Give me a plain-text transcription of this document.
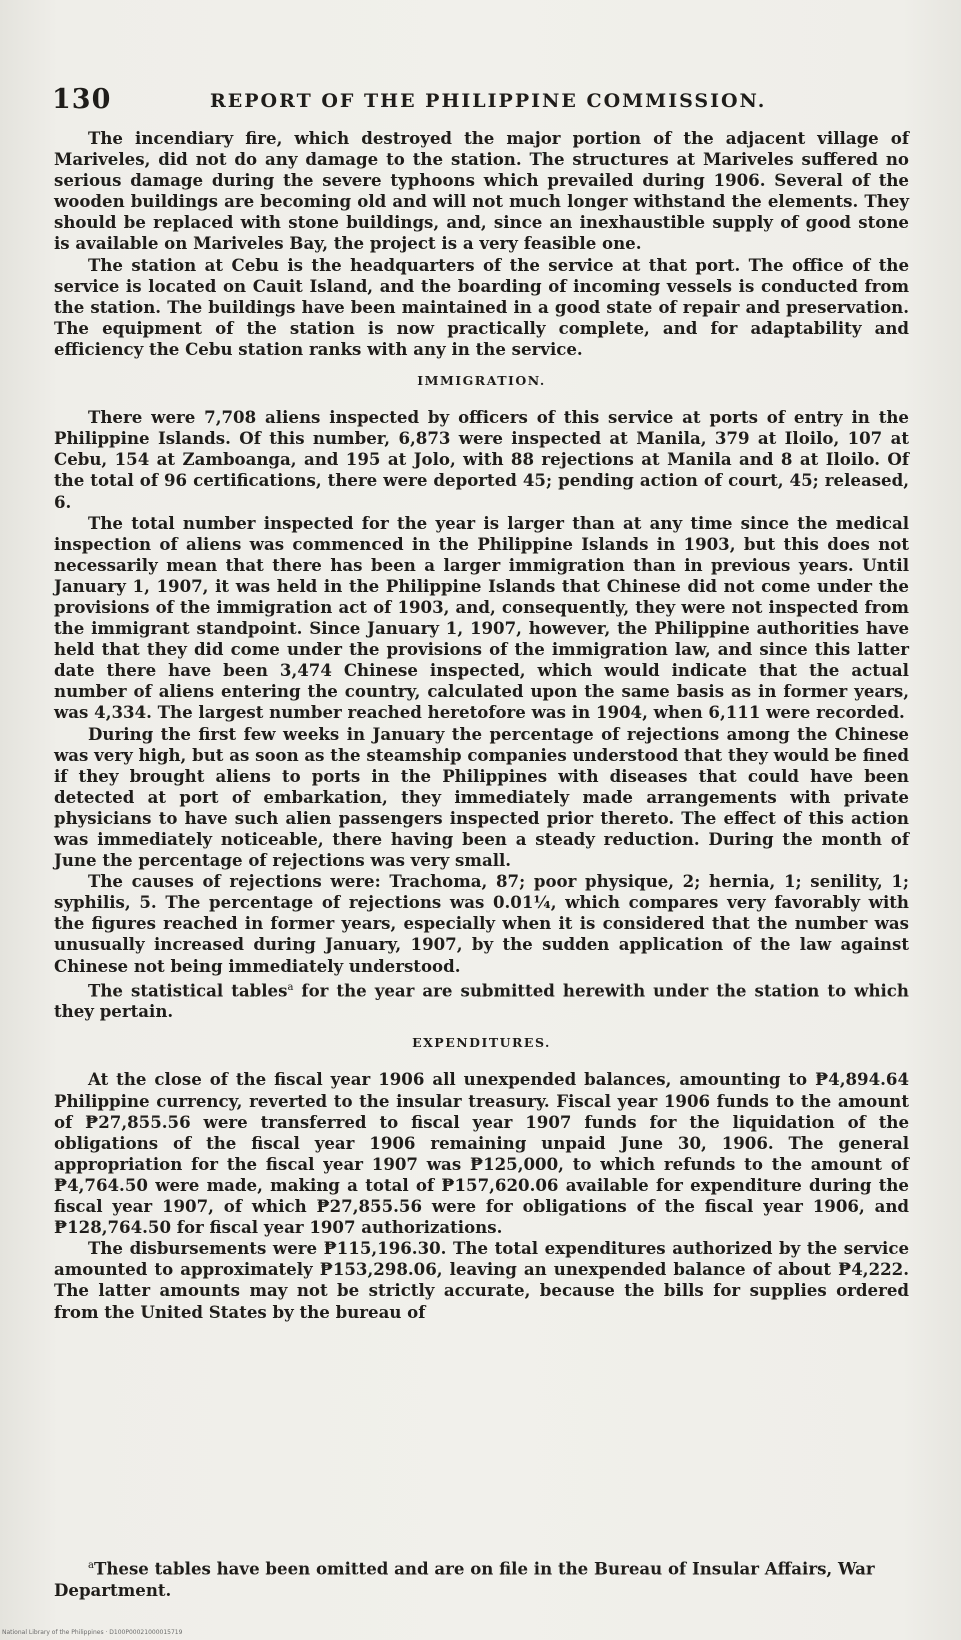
130	REPORT OF THE PHILIPPINE COMMISSION.

The incendiary fire, which destroyed the major portion of the adjacent village of Mariveles, did not do any damage to the station. The structures at Mariveles suffered no serious damage during the severe typhoons which prevailed during 1906. Several of the wooden buildings are becoming old and will not much longer withstand the elements. They should be replaced with stone buildings, and, since an inexhaustible supply of good stone is available on Mariveles Bay, the project is a very feasible one.

The station at Cebu is the headquarters of the service at that port. The office of the service is located on Cauit Island, and the boarding of incoming vessels is conducted from the station. The buildings have been maintained in a good state of repair and preservation. The equipment of the station is now practically complete, and for adaptability and efficiency the Cebu station ranks with any in the service.

IMMIGRATION.

There were 7,708 aliens inspected by officers of this service at ports of entry in the Philippine Islands. Of this number, 6,873 were inspected at Manila, 379 at Iloilo, 107 at Cebu, 154 at Zamboanga, and 195 at Jolo, with 88 rejections at Manila and 8 at Iloilo. Of the total of 96 certifications, there were deported 45; pending action of court, 45; released, 6.

The total number inspected for the year is larger than at any time since the medical inspection of aliens was commenced in the Philippine Islands in 1903, but this does not necessarily mean that there has been a larger immigration than in previous years. Until January 1, 1907, it was held in the Philippine Islands that Chinese did not come under the provisions of the immigration act of 1903, and, consequently, they were not inspected from the immigrant standpoint. Since January 1, 1907, however, the Philippine authorities have held that they did come under the provisions of the immigration law, and since this latter date there have been 3,474 Chinese inspected, which would indicate that the actual number of aliens entering the country, calculated upon the same basis as in former years, was 4,334. The largest number reached heretofore was in 1904, when 6,111 were recorded.

During the first few weeks in January the percentage of rejections among the Chinese was very high, but as soon as the steamship companies understood that they would be fined if they brought aliens to ports in the Philippines with diseases that could have been detected at port of embarkation, they immediately made arrangements with private physicians to have such alien passengers inspected prior thereto. The effect of this action was immediately noticeable, there having been a steady reduction. During the month of June the percentage of rejections was very small.

The causes of rejections were: Trachoma, 87; poor physique, 2; hernia, 1; senility, 1; syphilis, 5. The percentage of rejections was 0.01¼, which compares very favorably with the figures reached in former years, especially when it is considered that the number was unusually increased during January, 1907, by the sudden application of the law against Chinese not being immediately understood.

The statistical tables$^a$ for the year are submitted herewith under the station to which they pertain.

EXPENDITURES.

At the close of the fiscal year 1906 all unexpended balances, amounting to ₱4,894.64 Philippine currency, reverted to the insular treasury. Fiscal year 1906 funds to the amount of ₱27,855.56 were transferred to fiscal year 1907 funds for the liquidation of the obligations of the fiscal year 1906 remaining unpaid June 30, 1906. The general appropriation for the fiscal year 1907 was ₱125,000, to which refunds to the amount of ₱4,764.50 were made, making a total of ₱157,620.06 available for expenditure during the fiscal year 1907, of which ₱27,855.56 were for obligations of the fiscal year 1906, and ₱128,764.50 for fiscal year 1907 authorizations.

The disbursements were ₱115,196.30. The total expenditures authorized by the service amounted to approximately ₱153,298.06, leaving an unexpended balance of about ₱4,222. The latter amounts may not be strictly accurate, because the bills for supplies ordered from the United States by the bureau of

$^a$These tables have been omitted and are on file in the Bureau of Insular Affairs, War Department.

National Library of the Philippines · D100P00021000015719
